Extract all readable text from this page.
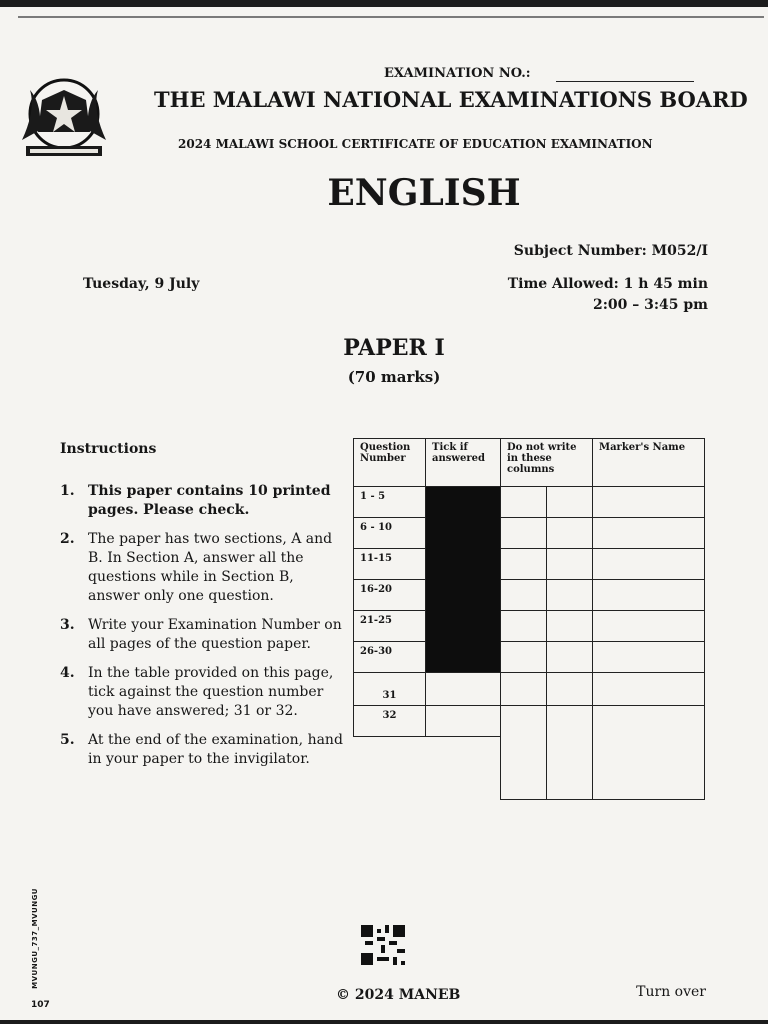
EXAMINATION NO.:
THE MALAWI NATIONAL EXAMINATIONS BOARD
2024 MALAWI SCHOOL CERTIFICATE OF EDUCATION EXAMINATION
ENGLISH
Subject Number: M052/I
Tuesday, 9 July	Time Allowed: 1 h 45 min
2:00 – 3:45 pm
PAPER I
(70 marks)
Instructions
1. This paper contains 10 printed pages. Please check.
2. The paper has two sections, A and B. In Section A, answer all the questions while in Section B, answer only one question.
3. Write your Examination Number on all pages of the question paper.
4. In the table provided on this page, tick against the question number you have answered; 31 or 32.
5. At the end of the examination, hand in your paper to the invigilator.
Question Number	Tick if answered	Do not write in these columns		Marker's Name
1 - 5				
6 - 10				
11-15				
16-20				
21-25				
26-30				
31				
32				

MVUNGU_737_MVUNGU
107
© 2024 MANEB	Turn over
